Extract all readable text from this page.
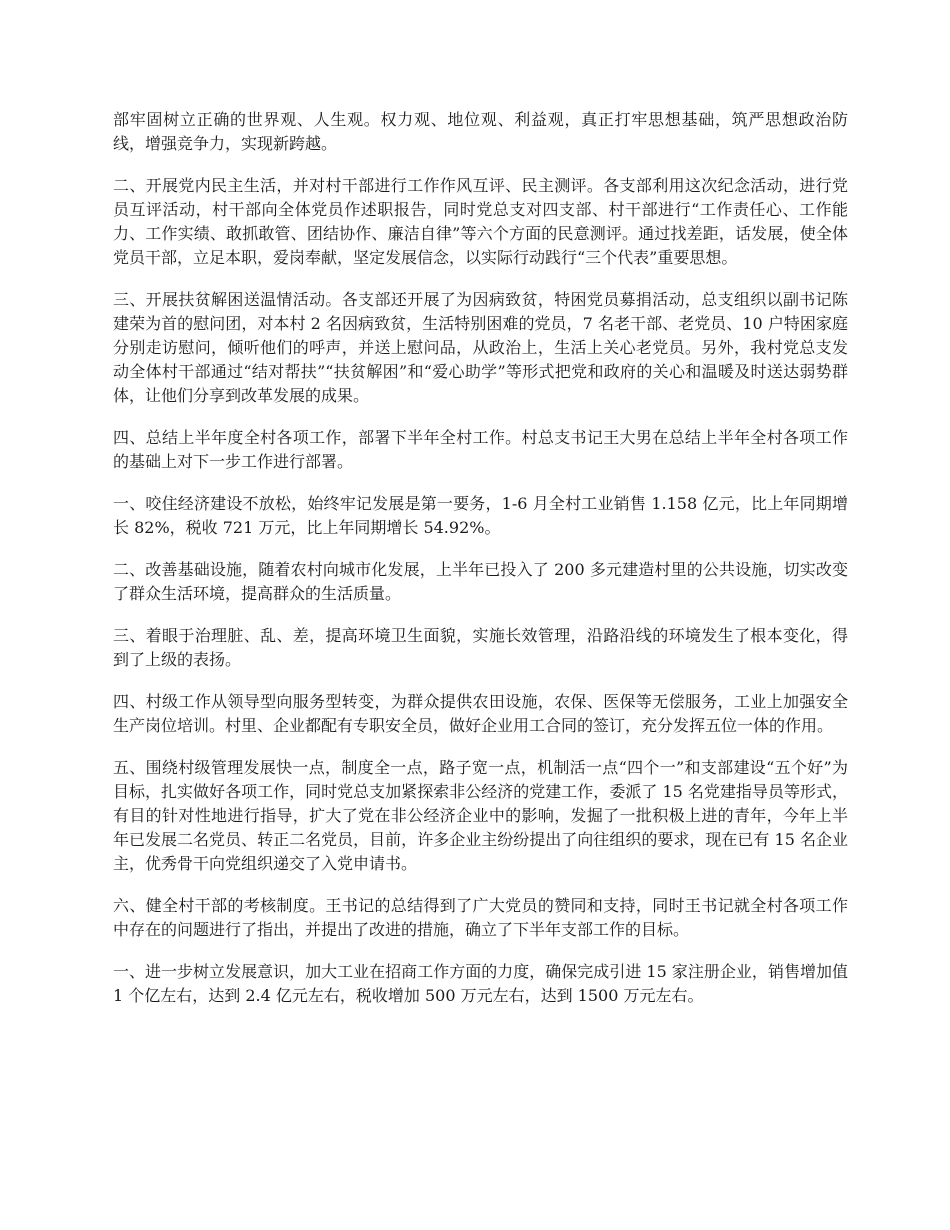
部牢固树立正确的世界观、人生观。权力观、地位观、利益观，真正打牢思想基础，筑严思想政治防线，增强竞争力，实现新跨越。

二、开展党内民主生活，并对村干部进行工作作风互评、民主测评。各支部利用这次纪念活动，进行党员互评活动，村干部向全体党员作述职报告，同时党总支对四支部、村干部进行“工作责任心、工作能力、工作实绩、敢抓敢管、团结协作、廉洁自律”等六个方面的民意测评。通过找差距，话发展，使全体党员干部，立足本职，爱岗奉献，坚定发展信念，以实际行动践行“三个代表”重要思想。

三、开展扶贫解困送温情活动。各支部还开展了为因病致贫，特困党员募捐活动，总支组织以副书记陈建荣为首的慰问团，对本村 2 名因病致贫，生活特别困难的党员，7 名老干部、老党员、10 户特困家庭分别走访慰问，倾听他们的呼声，并送上慰问品，从政治上，生活上关心老党员。另外，我村党总支发动全体村干部通过“结对帮扶”“扶贫解困”和“爱心助学”等形式把党和政府的关心和温暖及时送达弱势群体，让他们分享到改革发展的成果。

四、总结上半年度全村各项工作，部署下半年全村工作。村总支书记王大男在总结上半年全村各项工作的基础上对下一步工作进行部署。

一、咬住经济建设不放松，始终牢记发展是第一要务，1-6 月全村工业销售 1.158 亿元，比上年同期增长 82%，税收 721 万元，比上年同期增长 54.92%。

二、改善基础设施，随着农村向城市化发展，上半年已投入了 200 多元建造村里的公共设施，切实改变了群众生活环境，提高群众的生活质量。

三、着眼于治理脏、乱、差，提高环境卫生面貌，实施长效管理，沿路沿线的环境发生了根本变化，得到了上级的表扬。

四、村级工作从领导型向服务型转变，为群众提供农田设施，农保、医保等无偿服务，工业上加强安全生产岗位培训。村里、企业都配有专职安全员，做好企业用工合同的签订，充分发挥五位一体的作用。

五、围绕村级管理发展快一点，制度全一点，路子宽一点，机制活一点“四个一”和支部建设“五个好”为目标，扎实做好各项工作，同时党总支加紧探索非公经济的党建工作，委派了 15 名党建指导员等形式，有目的针对性地进行指导，扩大了党在非公经济企业中的影响，发掘了一批积极上进的青年，今年上半年已发展二名党员、转正二名党员，目前，许多企业主纷纷提出了向往组织的要求，现在已有 15 名企业主，优秀骨干向党组织递交了入党申请书。

六、健全村干部的考核制度。王书记的总结得到了广大党员的赞同和支持，同时王书记就全村各项工作中存在的问题进行了指出，并提出了改进的措施，确立了下半年支部工作的目标。

一、进一步树立发展意识，加大工业在招商工作方面的力度，确保完成引进 15 家注册企业，销售增加值 1 个亿左右，达到 2.4 亿元左右，税收增加 500 万元左右，达到 1500 万元左右。
